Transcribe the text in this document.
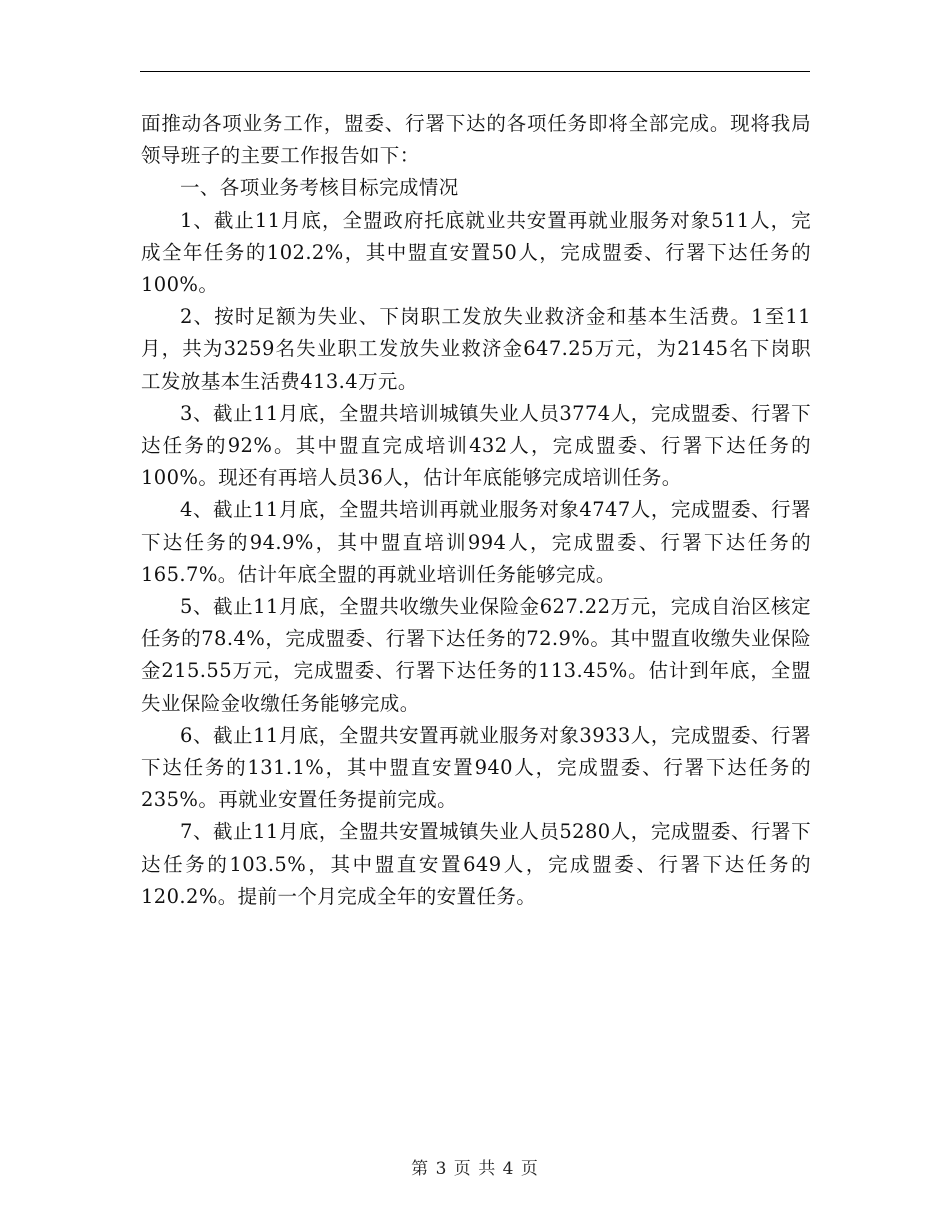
面推动各项业务工作，盟委、行署下达的各项任务即将全部完成。现将我局领导班子的主要工作报告如下：

一、各项业务考核目标完成情况

1、截止11月底，全盟政府托底就业共安置再就业服务对象511人，完成全年任务的102.2%，其中盟直安置50人，完成盟委、行署下达任务的100%。

2、按时足额为失业、下岗职工发放失业救济金和基本生活费。1至11月，共为3259名失业职工发放失业救济金647.25万元，为2145名下岗职工发放基本生活费413.4万元。

3、截止11月底，全盟共培训城镇失业人员3774人，完成盟委、行署下达任务的92%。其中盟直完成培训432人，完成盟委、行署下达任务的100%。现还有再培人员36人，估计年底能够完成培训任务。

4、截止11月底，全盟共培训再就业服务对象4747人，完成盟委、行署下达任务的94.9%，其中盟直培训994人，完成盟委、行署下达任务的165.7%。估计年底全盟的再就业培训任务能够完成。

5、截止11月底，全盟共收缴失业保险金627.22万元，完成自治区核定任务的78.4%，完成盟委、行署下达任务的72.9%。其中盟直收缴失业保险金215.55万元，完成盟委、行署下达任务的113.45%。估计到年底，全盟失业保险金收缴任务能够完成。

6、截止11月底，全盟共安置再就业服务对象3933人，完成盟委、行署下达任务的131.1%，其中盟直安置940人，完成盟委、行署下达任务的235%。再就业安置任务提前完成。

7、截止11月底，全盟共安置城镇失业人员5280人，完成盟委、行署下达任务的103.5%，其中盟直安置649人，完成盟委、行署下达任务的120.2%。提前一个月完成全年的安置任务。

第 3 页 共 4 页
